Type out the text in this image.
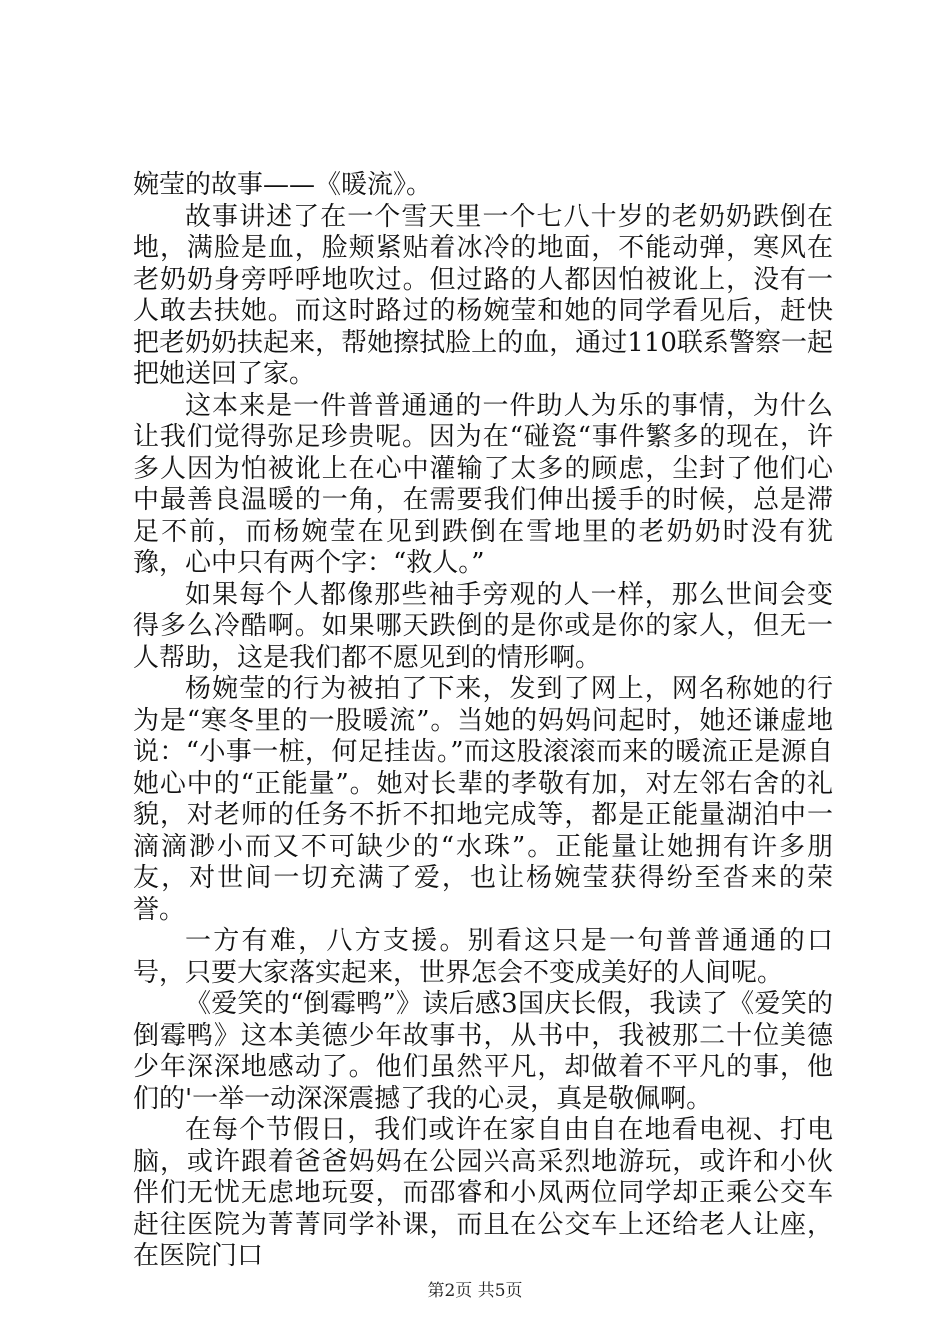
婉莹的故事——《暖流》。

故事讲述了在一个雪天里一个七八十岁的老奶奶跌倒在地，满脸是血，脸颊紧贴着冰冷的地面，不能动弹，寒风在老奶奶身旁呼呼地吹过。但过路的人都因怕被讹上，没有一人敢去扶她。而这时路过的杨婉莹和她的同学看见后，赶快把老奶奶扶起来，帮她擦拭脸上的血，通过110联系警察一起把她送回了家。

这本来是一件普普通通的一件助人为乐的事情，为什么让我们觉得弥足珍贵呢。因为在“碰瓷“事件繁多的现在，许多人因为怕被讹上在心中灌输了太多的顾虑，尘封了他们心中最善良温暖的一角，在需要我们伸出援手的时候，总是滞足不前，而杨婉莹在见到跌倒在雪地里的老奶奶时没有犹豫，心中只有两个字：“救人。”

如果每个人都像那些袖手旁观的人一样，那么世间会变得多么冷酷啊。如果哪天跌倒的是你或是你的家人，但无一人帮助，这是我们都不愿见到的情形啊。

杨婉莹的行为被拍了下来，发到了网上，网名称她的行为是“寒冬里的一股暖流”。当她的妈妈问起时，她还谦虚地说：“小事一桩，何足挂齿。”而这股滚滚而来的暖流正是源自她心中的“正能量”。她对长辈的孝敬有加，对左邻右舍的礼貌，对老师的任务不折不扣地完成等，都是正能量湖泊中一滴滴渺小而又不可缺少的“水珠”。正能量让她拥有许多朋友，对世间一切充满了爱，也让杨婉莹获得纷至沓来的荣誉。

一方有难，八方支援。别看这只是一句普普通通的口号，只要大家落实起来，世界怎会不变成美好的人间呢。

《爱笑的“倒霉鸭”》读后感3国庆长假，我读了《爱笑的倒霉鸭》这本美德少年故事书，从书中，我被那二十位美德少年深深地感动了。他们虽然平凡，却做着不平凡的事，他们的'一举一动深深震撼了我的心灵，真是敬佩啊。

在每个节假日，我们或许在家自由自在地看电视、打电脑，或许跟着爸爸妈妈在公园兴高采烈地游玩，或许和小伙伴们无忧无虑地玩耍，而邵睿和小凤两位同学却正乘公交车赶往医院为菁菁同学补课，而且在公交车上还给老人让座，在医院门口

第2页 共5页
